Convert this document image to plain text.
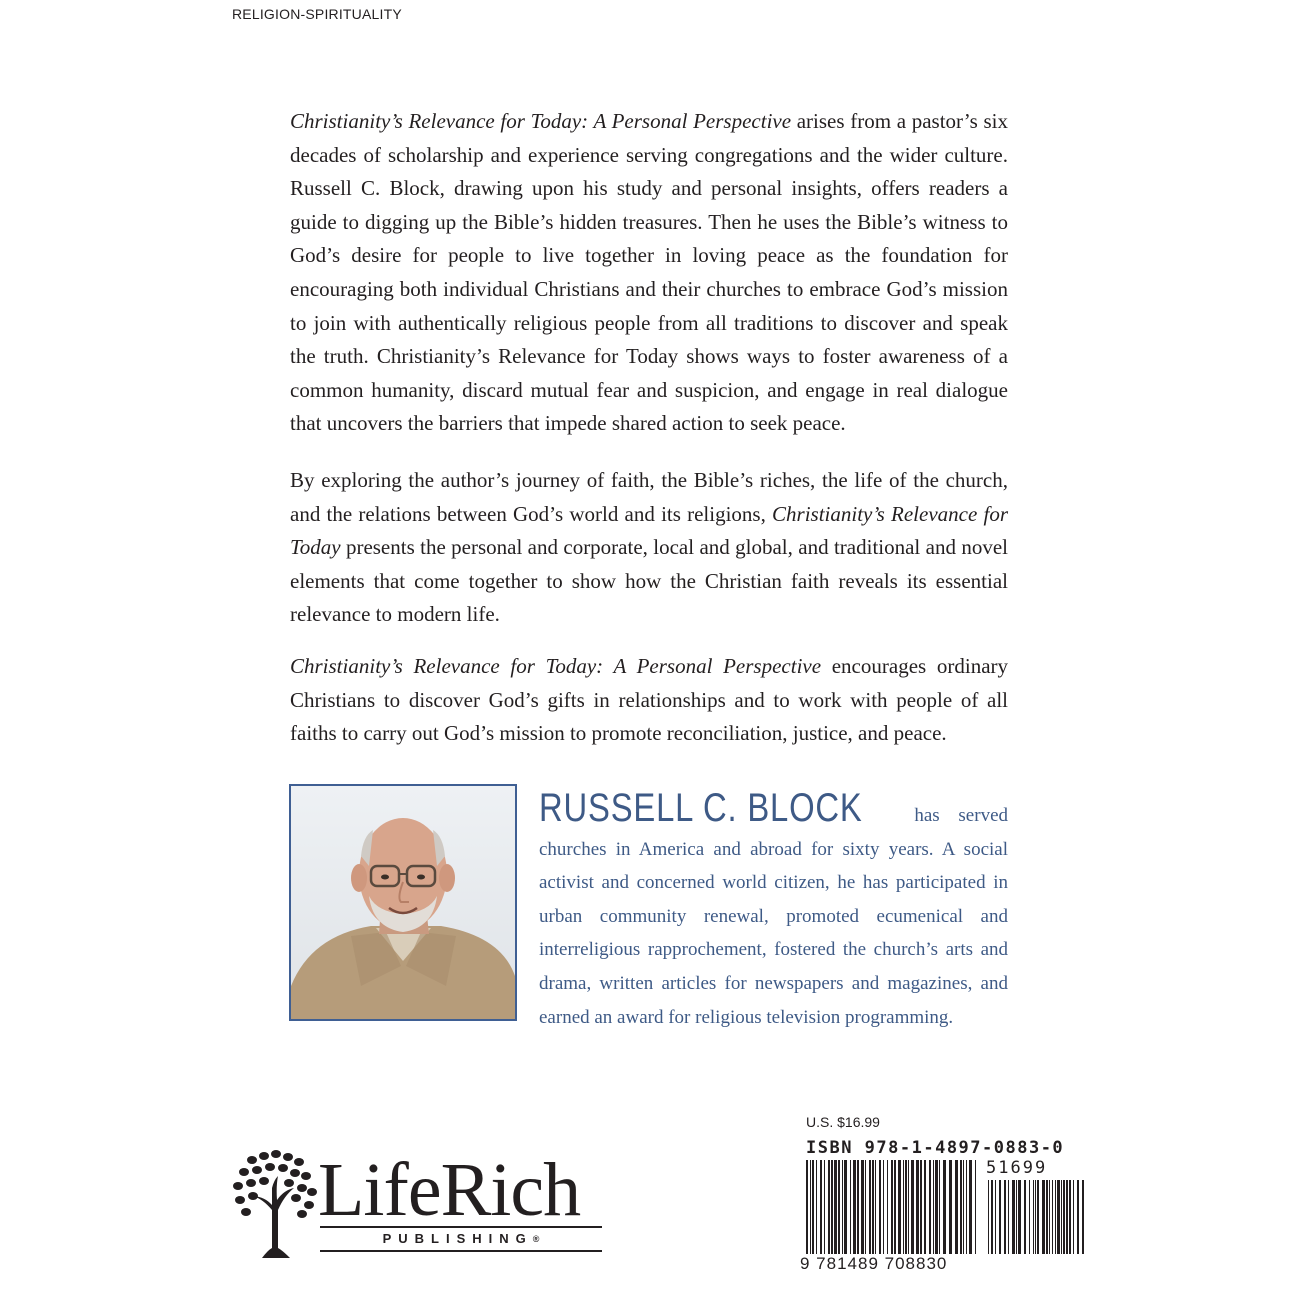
RELIGION-SPIRITUALITY

Christianity’s Relevance for Today: A Personal Perspective arises from a pastor’s six decades of scholarship and experience serving congregations and the wider culture. Russell C. Block, drawing upon his study and personal insights, offers readers a guide to digging up the Bible’s hidden treasures. Then he uses the Bible’s witness to God’s desire for people to live together in loving peace as the foundation for encouraging both individual Christians and their churches to embrace God’s mission to join with authentically religious people from all traditions to discover and speak the truth. Christianity’s Relevance for Today shows ways to foster awareness of a common humanity, discard mutual fear and suspicion, and engage in real dialogue that uncovers the barriers that impede shared action to seek peace.

By exploring the author’s journey of faith, the Bible’s riches, the life of the church, and the relations between God’s world and its religions, Christianity’s Relevance for Today presents the personal and corporate, local and global, and traditional and novel elements that come together to show how the Christian faith reveals its essential relevance to modern life.

Christianity’s Relevance for Today: A Personal Perspective encourages ordinary Christians to discover God’s gifts in relationships and to work with people of all faiths to carry out God’s mission to promote reconciliation, justice, and peace.

RUSSELL C. BLOCK	has served churches in America and abroad for sixty years. A social activist and concerned world citizen, he has participated in urban community renewal, promoted ecumenical and interreligious rapprochement, fostered the church’s arts and drama, written articles for newspapers and magazines, and earned an award for religious television programming.

LifeRich
PUBLISHING®
U.S. $16.99
ISBN 978-1-4897-0883-0
51699
9 781489 708830
